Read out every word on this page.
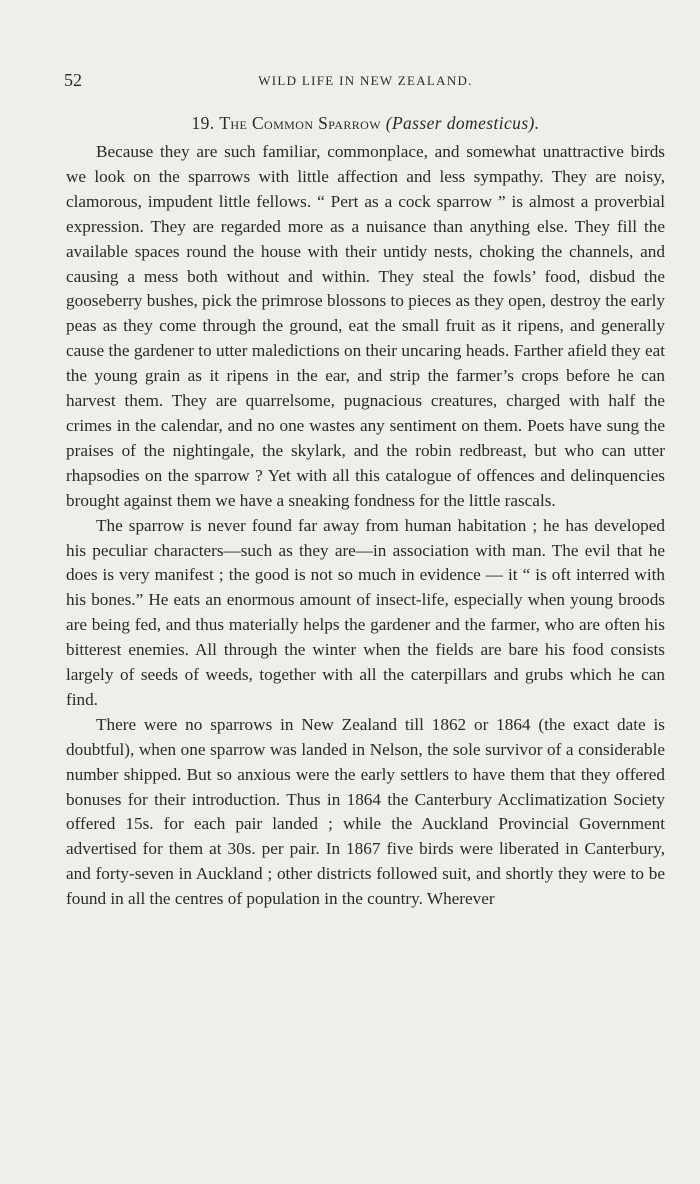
52	WILD LIFE IN NEW ZEALAND.
19. The Common Sparrow (Passer domesticus).

Because they are such familiar, commonplace, and somewhat unattractive birds we look on the sparrows with little affection and less sympathy. They are noisy, clamorous, impudent little fellows. “ Pert as a cock sparrow ” is almost a proverbial expression. They are regarded more as a nuisance than anything else. They fill the available spaces round the house with their untidy nests, choking the channels, and causing a mess both without and within. They steal the fowls’ food, disbud the gooseberry bushes, pick the primrose blossons to pieces as they open, destroy the early peas as they come through the ground, eat the small fruit as it ripens, and generally cause the gardener to utter maledictions on their uncaring heads. Farther afield they eat the young grain as it ripens in the ear, and strip the farmer’s crops before he can harvest them. They are quarrelsome, pugnacious creatures, charged with half the crimes in the calendar, and no one wastes any sentiment on them. Poets have sung the praises of the nightingale, the skylark, and the robin redbreast, but who can utter rhapsodies on the sparrow ? Yet with all this catalogue of offences and delinquencies brought against them we have a sneaking fondness for the little rascals.

The sparrow is never found far away from human habitation ; he has developed his peculiar characters—such as they are—in association with man. The evil that he does is very manifest ; the good is not so much in evidence — it “ is oft interred with his bones.” He eats an enormous amount of insect-life, especially when young broods are being fed, and thus materially helps the gardener and the farmer, who are often his bitterest enemies. All through the winter when the fields are bare his food consists largely of seeds of weeds, together with all the caterpillars and grubs which he can find.

There were no sparrows in New Zealand till 1862 or 1864 (the exact date is doubtful), when one sparrow was landed in Nelson, the sole survivor of a considerable number shipped. But so anxious were the early settlers to have them that they offered bonuses for their introduction. Thus in 1864 the Canterbury Acclimatization Society offered 15s. for each pair landed ; while the Auckland Provincial Government advertised for them at 30s. per pair. In 1867 five birds were liberated in Canterbury, and forty-seven in Auckland ; other districts followed suit, and shortly they were to be found in all the centres of population in the country. Wherever
